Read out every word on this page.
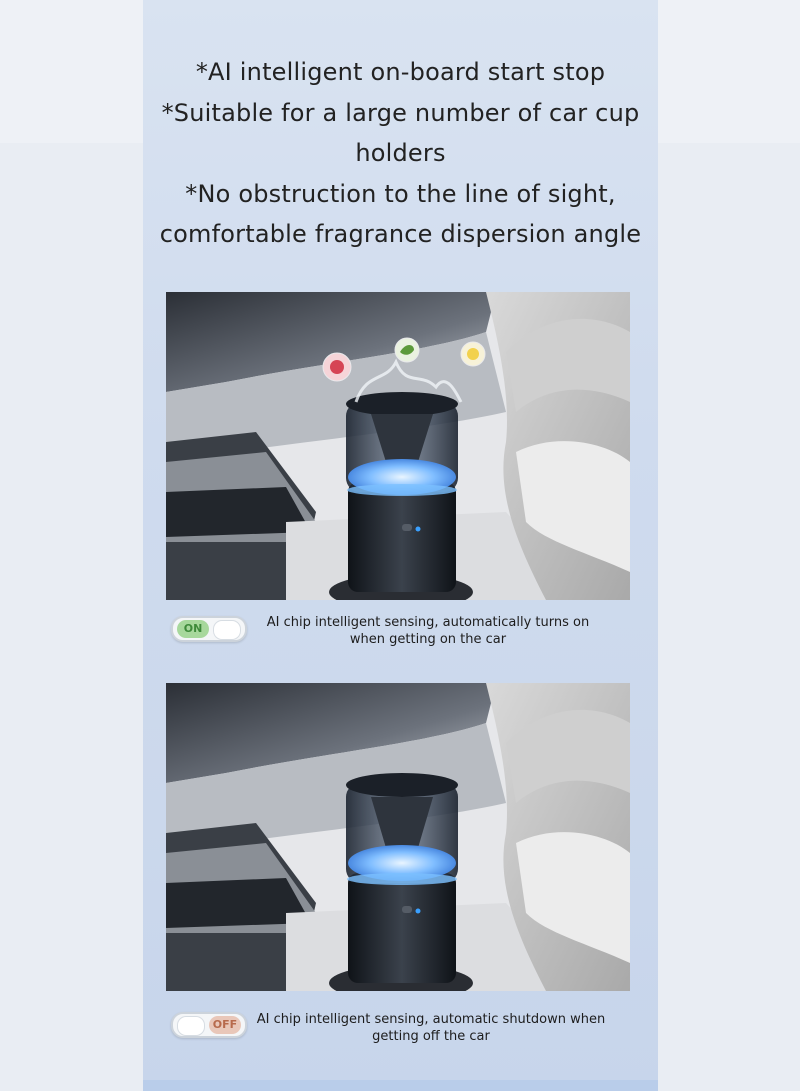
*AI intelligent on-board start stop
*Suitable for a large number of car cup
holders
*No obstruction to the line of sight,
comfortable fragrance dispersion angle
ON	AI chip intelligent sensing, automatically turns on
when getting on the car
OFF	AI chip intelligent sensing, automatic shutdown when
getting off the car
